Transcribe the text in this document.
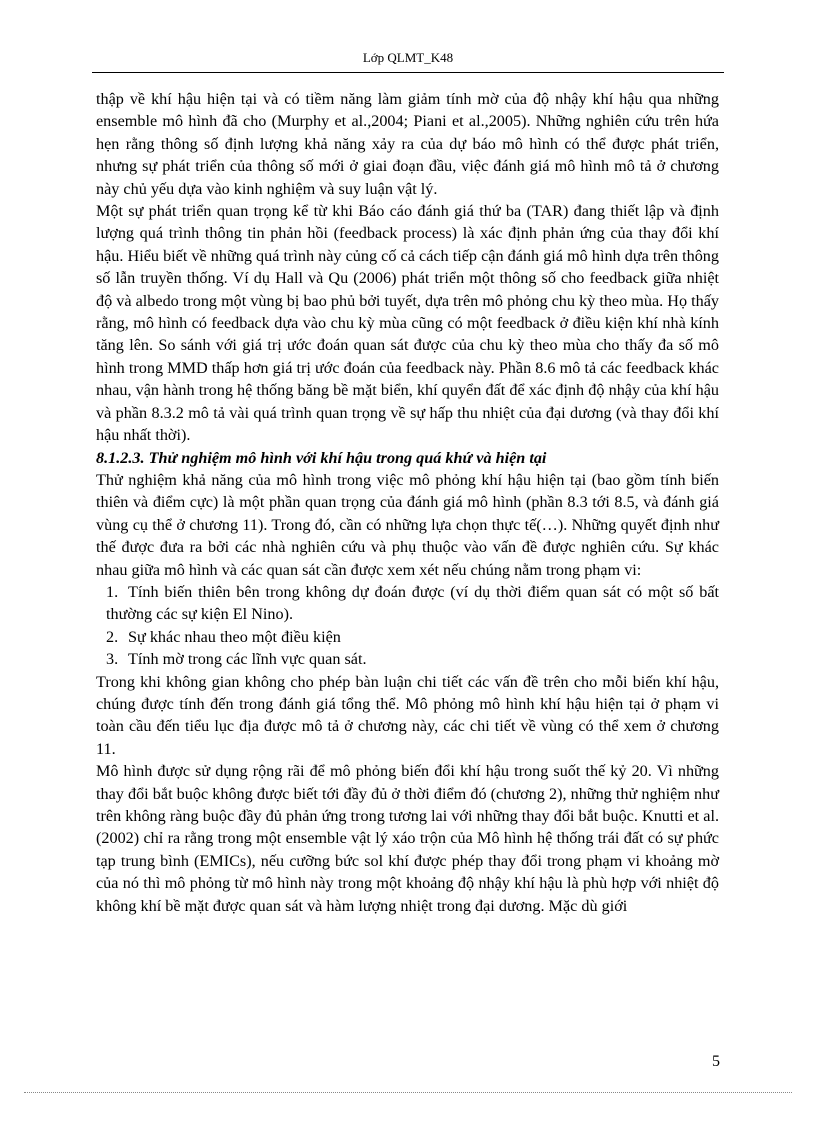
Lớp QLMT_K48

thập về khí hậu hiện tại và có tiềm năng làm giảm tính mờ của độ nhậy khí hậu qua những ensemble mô hình đã cho (Murphy et al.,2004; Piani et al.,2005). Những nghiên cứu trên hứa hẹn rằng thông số định lượng khả năng xảy ra của dự báo mô hình có thể được phát triển, nhưng sự phát triển của thông số mới ở giai đoạn đầu, việc đánh giá mô hình mô tả ở chương này chủ yếu dựa vào kinh nghiệm và suy luận vật lý.

Một sự phát triển quan trọng kể từ khi Báo cáo đánh giá thứ ba (TAR) đang thiết lập và định lượng quá trình thông tin phản hồi (feedback process) là xác định phản ứng của thay đổi khí hậu. Hiểu biết về những quá trình này củng cố cả cách tiếp cận đánh giá mô hình dựa trên thông số lẫn truyền thống. Ví dụ Hall và Qu (2006) phát triển một thông số cho feedback giữa nhiệt độ và albedo trong một vùng bị bao phủ bởi tuyết, dựa trên mô phỏng chu kỳ theo mùa. Họ thấy rằng, mô hình có feedback dựa vào chu kỳ mùa cũng có một feedback ở điều kiện khí nhà kính tăng lên. So sánh với giá trị ước đoán quan sát được của chu kỳ theo mùa cho thấy đa số mô hình trong MMD thấp hơn giá trị ước đoán của feedback này. Phần 8.6 mô tả các feedback khác nhau, vận hành trong hệ thống băng bề mặt biển, khí quyển đất để xác định độ nhậy của khí hậu và phần 8.3.2 mô tả vài quá trình quan trọng về sự hấp thu nhiệt của đại dương (và thay đổi khí hậu nhất thời).

8.1.2.3. Thử nghiệm mô hình với khí hậu trong quá khứ và hiện tại

Thử nghiệm khả năng của mô hình trong việc mô phỏng khí hậu hiện tại (bao gồm tính biến thiên và điểm cực) là một phần quan trọng của đánh giá mô hình (phần 8.3 tới 8.5, và đánh giá vùng cụ thể ở chương 11). Trong đó, cần có những lựa chọn thực tế(…). Những quyết định như thế được đưa ra bởi các nhà nghiên cứu và phụ thuộc vào vấn đề được nghiên cứu. Sự khác nhau giữa mô hình và các quan sát cần được xem xét nếu chúng nằm trong phạm vi:

1. Tính biến thiên bên trong không dự đoán được (ví dụ thời điểm quan sát có một số bất thường các sự kiện El Nino).
2. Sự khác nhau theo một điều kiện
3. Tính mờ trong các lĩnh vực quan sát.

Trong khi không gian không cho phép bàn luận chi tiết các vấn đề trên cho mỗi biến khí hậu, chúng được tính đến trong đánh giá tổng thể. Mô phỏng mô hình khí hậu hiện tại ở phạm vi toàn cầu đến tiểu lục địa được mô tả ở chương này, các chi tiết về vùng có thể xem ở chương 11.

Mô hình được sử dụng rộng rãi để mô phỏng biến đổi khí hậu trong suốt thế kỷ 20. Vì những thay đổi bắt buộc không được biết tới đầy đủ ở thời điểm đó (chương 2), những thử nghiệm như trên không ràng buộc đầy đủ phản ứng trong tương lai với những thay đổi bắt buộc. Knutti et al.(2002) chỉ ra rằng trong một ensemble vật lý xáo trộn của Mô hình hệ thống trái đất có sự phức tạp trung bình (EMICs), nếu cưỡng bức sol khí được phép thay đổi trong phạm vi khoảng mờ của nó thì mô phỏng từ mô hình này trong một khoảng độ nhậy khí hậu là phù hợp với nhiệt độ không khí bề mặt được quan sát và hàm lượng nhiệt trong đại dương. Mặc dù giới

5
